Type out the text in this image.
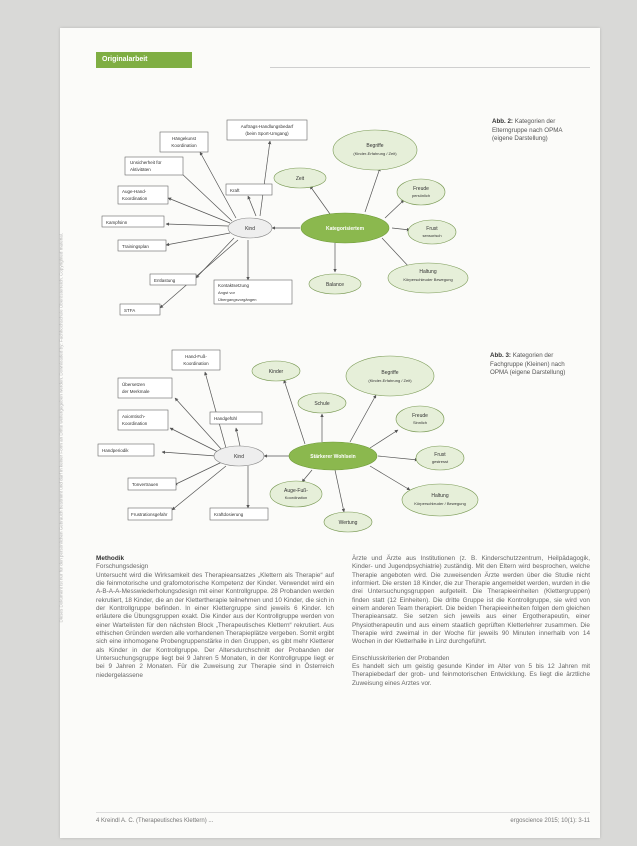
Originalarbeit
Dieses Dokument ist nur für den persönlichen Gebrauch bestimmt und darf in keiner Form an Dritte weitergegeben werden. Downloaded by: Fachhochschule Oberösterreich. Copyrighted material.
Kategorisiertem
Zeit
Begriffe
(Kinder-Erfahrung / Zeit)
Freude
persönlich
Frust
sensorisch
Haltung
Körperschleuder Bewegung
Balance
Kind
Auftrags-Handlungsbedarf
(beim Sport-Umgang)
Hängekunst
Koordination
Unsicherheit für
Aktivitäten
Auge-Hand-
Koordination
Kampfsinn
Kraft
Trainingsplan
Entlastung
Kontaktsetzung
Angst vor
Übergangsvorgängen
STFA
Stärkerer Wohlsein
Kinder	Begriffe
(Kinder-Erfahrung / Zeit)
Schule
Freude
Sinnlich
Frust
gestresst
Haltung
Körperschleuder / Bewegung
Auge-Fuß-
Koordination
Wertung
Kind
Hand-Fuß-
Koordination
Übersetzen
der Merkmale
Axiomtisch-
Koordination
Handgefühl
Handperiodik
Tonvertrauen
Frustrationsgefahr	Kraftdosierung
Abb. 2: Kategorien der Elterngruppe nach OPMA (eigene Darstellung)
Abb. 3: Kategorien der Fachgruppe (Kleinen) nach OPMA (eigene Darstellung)

Methodik

Forschungsdesign

Untersucht wird die Wirksamkeit des Therapieansatzes „Klettern als Therapie“ auf die feinmotorische und grafomotorische Kompetenz der Kinder. Verwendet wird ein A-B-A-A-Messwiederholungsdesign mit einer Kontrollgruppe. 28 Probanden werden rekrutiert, 18 Kinder, die an der Klettertherapie teilnehmen und 10 Kinder, die sich in der Kontrollgruppe befinden. In einer Klettergruppe sind jeweils 6 Kinder. Ich erläutere die Übungsgruppen exakt. Die Kinder aus der Kontrollgruppe werden von einer Wartelisten für den nächsten Block „Therapeutisches Klettern“ rekrutiert. Aus ethischen Gründen werden alle vorhandenen Therapieplätze vergeben. Somit ergibt sich eine inhomogene Probengruppenstärke in den Gruppen, es gibt mehr Kletterer als Kinder in der Kontrollgruppe. Der Altersdurchschnitt der Probanden der Untersuchungsgruppe liegt bei 9 Jahren 5 Monaten, in der Kontrollgruppe liegt er bei 9 Jahren 2 Monaten. Für die Zuweisung zur Therapie sind in Österreich niedergelassene

Ärzte und Ärzte aus Institutionen (z. B. Kinderschutzzentrum, Heilpädagogik, Kinder- und Jugendpsychiatrie) zuständig. Mit den Eltern wird besprochen, welche Therapie angeboten wird. Die zuweisenden Ärzte werden über die Studie nicht informiert. Die ersten 18 Kinder, die zur Therapie angemeldet werden, wurden in die drei Untersuchungsgruppen aufgeteilt. Die Therapieeinheiten (Klettergruppen) finden statt (12 Einheiten). Die dritte Gruppe ist die Kontrollgruppe, sie wird von einem anderen Team therapiert. Die beiden Therapieeinheiten folgen dem gleichen Therapieansatz. Sie setzen sich jeweils aus einer Ergotherapeutin, einer Physiotherapeutin und aus einem staatlich geprüften Kletterlehrer zusammen. Die Therapie wird zweimal in der Woche für jeweils 90 Minuten innerhalb von 14 Wochen in der Kletterhalle in Linz durchgeführt.

Einschlusskriterien der Probanden

Es handelt sich um geistig gesunde Kinder im Alter von 5 bis 12 Jahren mit Therapiebedarf der grob- und feinmotorischen Entwicklung. Es liegt die ärztliche Zuweisung eines Arztes vor.

4 Kreindl A. C. (Therapeutisches Klettern) ...	ergoscience 2015; 10(1): 3-11
